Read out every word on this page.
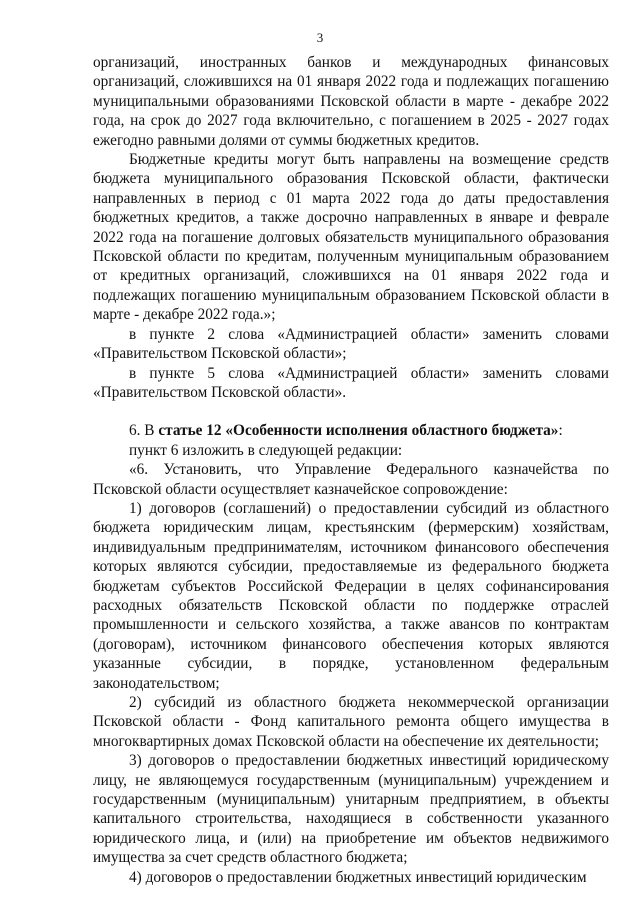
3

организаций, иностранных банков и международных финансовых организаций, сложившихся на 01 января 2022 года и подлежащих погашению муниципальными образованиями Псковской области в марте - декабре 2022 года, на срок до 2027 года включительно, с погашением в 2025 - 2027 годах ежегодно равными долями от суммы бюджетных кредитов.

Бюджетные кредиты могут быть направлены на возмещение средств бюджета муниципального образования Псковской области, фактически направленных в период с 01 марта 2022 года до даты предоставления бюджетных кредитов, а также досрочно направленных в январе и феврале 2022 года на погашение долговых обязательств муниципального образования Псковской области по кредитам, полученным муниципальным образованием от кредитных организаций, сложившихся на 01 января 2022 года и подлежащих погашению муниципальным образованием Псковской области в марте - декабре 2022 года.»;

в пункте 2 слова «Администрацией области» заменить словами «Правительством Псковской области»;

в пункте 5 слова «Администрацией области» заменить словами «Правительством Псковской области».

6. В статье 12 «Особенности исполнения областного бюджета»:

пункт 6 изложить в следующей редакции:

«6. Установить, что Управление Федерального казначейства по Псковской области осуществляет казначейское сопровождение:

1) договоров (соглашений) о предоставлении субсидий из областного бюджета юридическим лицам, крестьянским (фермерским) хозяйствам, индивидуальным предпринимателям, источником финансового обеспечения которых являются субсидии, предоставляемые из федерального бюджета бюджетам субъектов Российской Федерации в целях софинансирования расходных обязательств Псковской области по поддержке отраслей промышленности и сельского хозяйства, а также авансов по контрактам (договорам), источником финансового обеспечения которых являются указанные субсидии, в порядке, установленном федеральным законодательством;

2) субсидий из областного бюджета некоммерческой организации Псковской области - Фонд капитального ремонта общего имущества в многоквартирных домах Псковской области на обеспечение их деятельности;

3) договоров о предоставлении бюджетных инвестиций юридическому лицу, не являющемуся государственным (муниципальным) учреждением и государственным (муниципальным) унитарным предприятием, в объекты капитального строительства, находящиеся в собственности указанного юридического лица, и (или) на приобретение им объектов недвижимого имущества за счет средств областного бюджета;

4) договоров о предоставлении бюджетных инвестиций юридическим
